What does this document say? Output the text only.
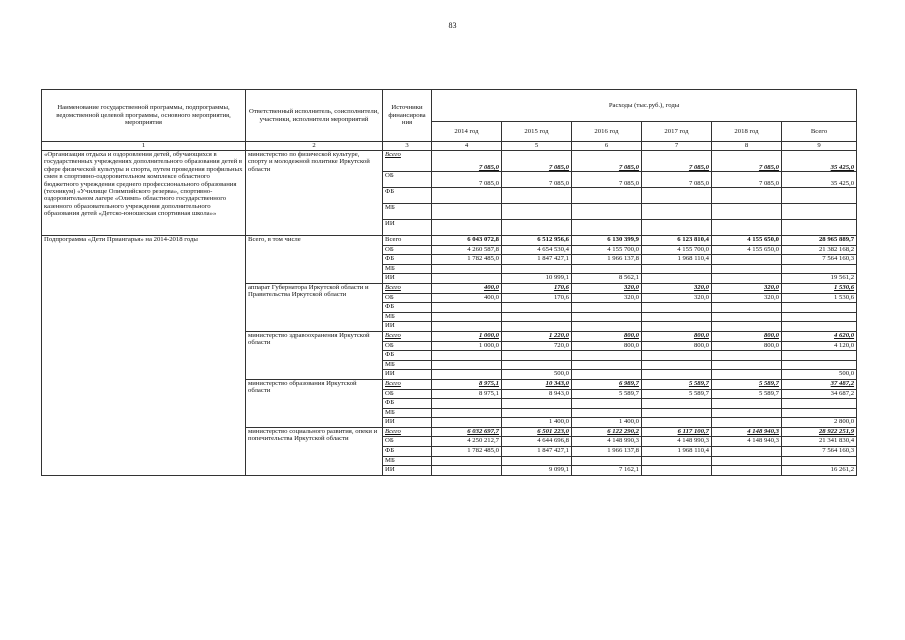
83
Наименование государственной программы, подпрограммы, ведомственной целевой программы, основного мероприятия, мероприятия	Ответственный исполнитель, соисполнители, участники, исполнители мероприятий	Источники финансирова ния	Расходы (тыс.руб.), годы					
			2014 год	2015 год	2016 год	2017 год	2018 год	Всего
1	2	3	4	5	6	7	8	9
«Организация отдыха и оздоровления детей, обучающихся в государственных учреждениях дополнительного образования детей в сфере физической культуры и спорта, путем проведения профильных смен в спортивно-оздоровительном комплексе областного бюджетного учреждения среднего профессионального образования (техникум) «Училище Олимпийского резерва», спортивно-оздоровительном лагере «Олимп» областного государственного казенного образовательного учреждения дополнительного образования детей «Детско-юношеская спортивная школа»»	министерство по физической культуре, спорту и молодежной политике Иркутской области	Всего	7 085,0	7 085,0	7 085,0	7 085,0	7 085,0	35 425,0
		ОБ	7 085,0	7 085,0	7 085,0	7 085,0	7 085,0	35 425,0
		ФБ						
		МБ						
		ИИ						
Подпрограмма «Дети Приангарья» на 2014-2018 годы	Всего, в том числе	Всего	6 043 072,8	6 512 956,6	6 130 399,9	6 123 810,4	4 155 650,0	28 965 889,7
		ОБ	4 260 587,8	4 654 530,4	4 155 700,0	4 155 700,0	4 155 650,0	21 382 168,2
		ФБ	1 782 485,0	1 847 427,1	1 966 137,8	1 968 110,4		7 564 160,3
		МБ						
		ИИ		10 999,1	8 562,1			19 561,2
	аппарат Губернатора Иркутской области и Правительства Иркутской области	Всего	400,0	170,6	320,0	320,0	320,0	1 530,6
		ОБ	400,0	170,6	320,0	320,0	320,0	1 530,6
		ФБ						
		МБ						
		ИИ						
	министерство здравоохранения Иркутской области	Всего	1 000,0	1 220,0	800,0	800,0	800,0	4 620,0
		ОБ	1 000,0	720,0	800,0	800,0	800,0	4 120,0
		ФБ						
		МБ						
		ИИ		500,0				500,0
	министерство образования Иркутской области	Всего	8 975,1	10 343,0	6 989,7	5 589,7	5 589,7	37 487,2
		ОБ	8 975,1	8 943,0	5 589,7	5 589,7	5 589,7	34 687,2
		ФБ						
		МБ						
		ИИ		1 400,0	1 400,0			2 800,0
	министерство социального развития, опеки и попечительства Иркутской области	Всего	6 032 697,7	6 501 223,0	6 122 290,2	6 117 100,7	4 148 940,3	28 922 251,9
		ОБ	4 250 212,7	4 644 696,8	4 148 990,3	4 148 990,3	4 148 940,3	21 341 830,4
		ФБ	1 782 485,0	1 847 427,1	1 966 137,8	1 968 110,4		7 564 160,3
		МБ						
		ИИ		9 099,1	7 162,1			16 261,2
